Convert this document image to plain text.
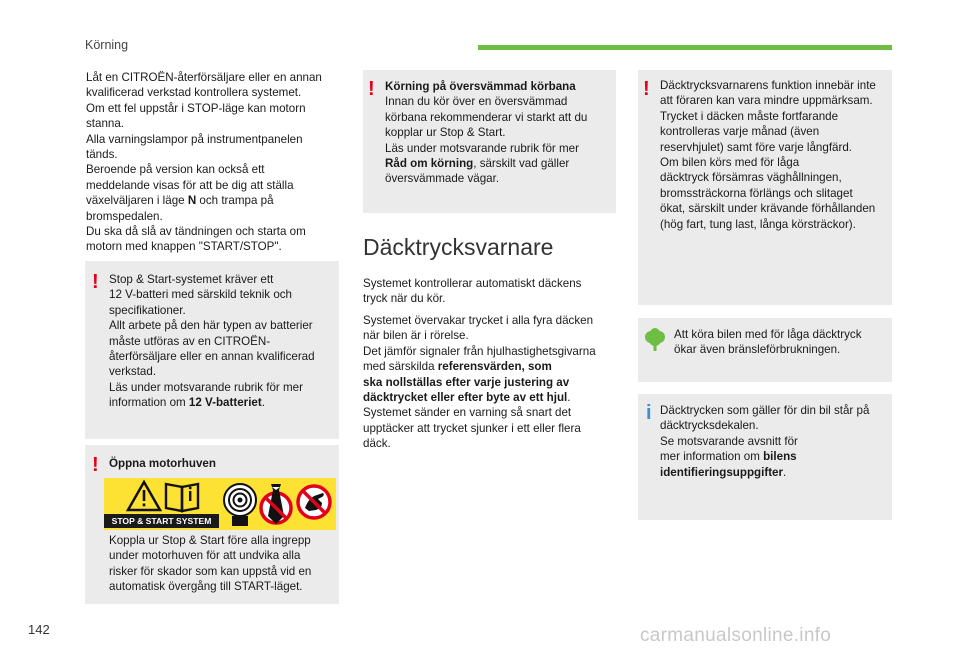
Körning

Låt en CITROËN-återförsäljare eller en annan

kvalificerad verkstad kontrollera systemet.

Om ett fel uppstår i STOP-läge kan motorn

stanna.

Alla varningslampor på instrumentpanelen

tänds.

Beroende på version kan också ett

meddelande visas för att be dig att ställa

växelväljaren i läge N och trampa på

bromspedalen.

Du ska då slå av tändningen och starta om

motorn med knappen "START/STOP".

! Stop & Start-systemet kräver ett

12 V-batteri med särskild teknik och

specifikationer.

Allt arbete på den här typen av batterier

måste utföras av en CITROËN-

återförsäljare eller en annan kvalificerad

verkstad.

Läs under motsvarande rubrik för mer

information om 12 V-batteriet.

! Öppna motorhuven

Koppla ur Stop & Start före alla ingrepp

under motorhuven för att undvika alla

risker för skador som kan uppstå vid en

automatisk övergång till START-läget.

STOP & START SYSTEM
! Körning på översvämmad körbana

Innan du kör över en översvämmad

körbana rekommenderar vi starkt att du

kopplar ur Stop & Start.

Läs under motsvarande rubrik för mer

Råd om körning, särskilt vad gäller

översvämmade vägar.

Däcktrycksvarnare

Systemet kontrollerar automatiskt däckens

tryck när du kör.

Systemet övervakar trycket i alla fyra däcken

när bilen är i rörelse.

Det jämför signaler från hjulhastighetsgivarna

med särskilda referensvärden, som

ska nollställas efter varje justering av

däcktrycket eller efter byte av ett hjul.

Systemet sänder en varning så snart det

upptäcker att trycket sjunker i ett eller flera

däck.

! Däcktrycksvarnarens funktion innebär inte

att föraren kan vara mindre uppmärksam.

Trycket i däcken måste fortfarande

kontrolleras varje månad (även

reservhjulet) samt före varje långfärd.

Om bilen körs med för låga

däcktryck försämras väghållningen,

bromssträckorna förlängs och slitaget

ökat, särskilt under krävande förhållanden

(hög fart, tung last, långa körsträckor).

Att köra bilen med för låga däcktryck

ökar även bränsleförbrukningen.

i Däcktrycken som gäller för din bil står på

däcktrycksdekalen.

Se motsvarande avsnitt för

mer information om bilens

identifieringsuppgifter.

142	carmanualsonline.info
